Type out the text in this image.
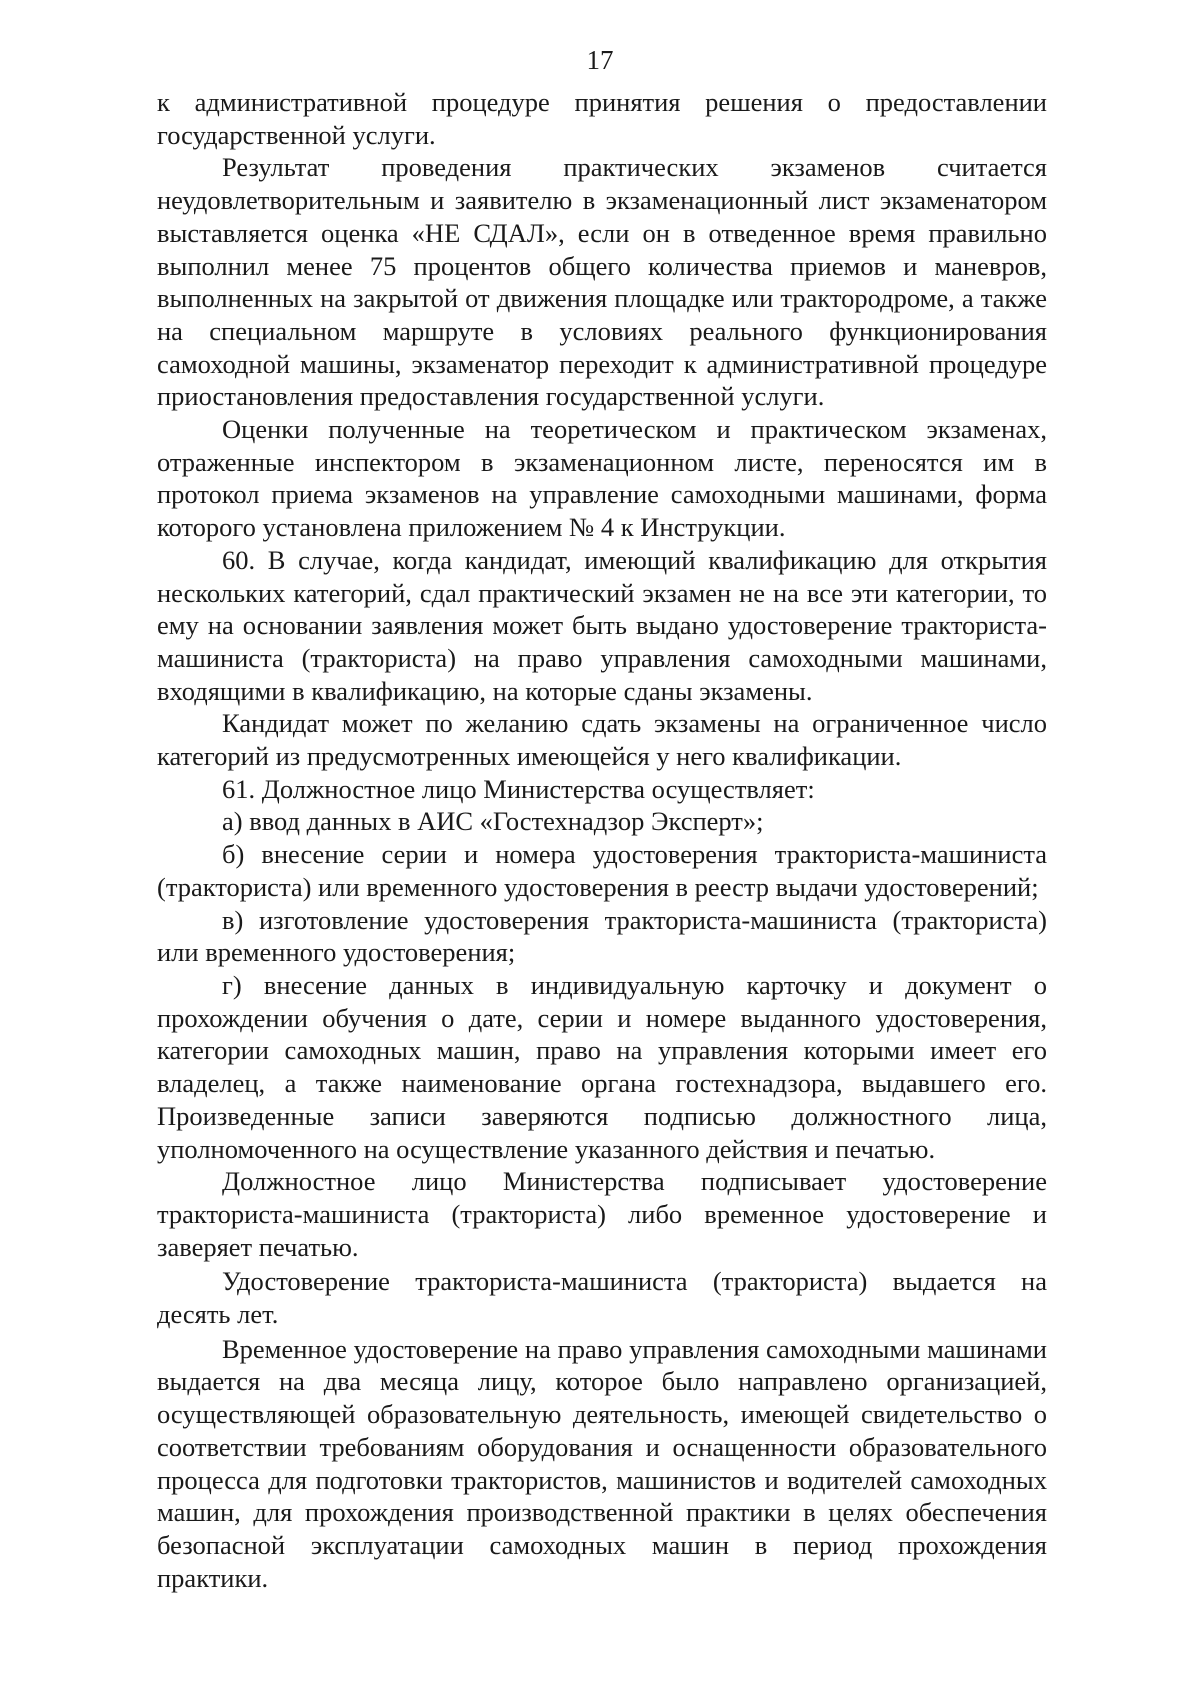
17

к административной процедуре принятия решения о предоставлении государственной услуги.

Результат проведения практических экзаменов считается неудовлетворительным и заявителю в экзаменационный лист экзаменатором выставляется оценка «НЕ СДАЛ», если он в отведенное время правильно выполнил менее 75 процентов общего количества приемов и маневров, выполненных на закрытой от движения площадке или трактородроме, а также на специальном маршруте в условиях реального функционирования самоходной машины, экзаменатор переходит к административной процедуре приостановления предоставления государственной услуги.

Оценки полученные на теоретическом и практическом экзаменах, отраженные инспектором в экзаменационном листе, переносятся им в протокол приема экзаменов на управление самоходными машинами, форма которого установлена приложением № 4 к Инструкции.

60. В случае, когда кандидат, имеющий квалификацию для открытия нескольких категорий, сдал практический экзамен не на все эти категории, то ему на основании заявления может быть выдано удостоверение тракториста-машиниста (тракториста) на право управления самоходными машинами, входящими в квалификацию, на которые сданы экзамены.

Кандидат может по желанию сдать экзамены на ограниченное число категорий из предусмотренных имеющейся у него квалификации.

61. Должностное лицо Министерства осуществляет:

а) ввод данных в АИС «Гостехнадзор Эксперт»;

б) внесение серии и номера удостоверения тракториста-машиниста (тракториста) или временного удостоверения в реестр выдачи удостоверений;

в) изготовление удостоверения тракториста-машиниста (тракториста) или временного удостоверения;

г) внесение данных в индивидуальную карточку и документ о прохождении обучения о дате, серии и номере выданного удостоверения, категории самоходных машин, право на управления которыми имеет его владелец, а также наименование органа гостехнадзора, выдавшего его. Произведенные записи заверяются подписью должностного лица, уполномоченного на осуществление указанного действия и печатью.

Должностное лицо Министерства подписывает удостоверение тракториста-машиниста (тракториста) либо временное удостоверение и заверяет печатью.

Удостоверение тракториста-машиниста (тракториста) выдается на десять лет.

Временное удостоверение на право управления самоходными машинами выдается на два месяца лицу, которое было направлено организацией, осуществляющей образовательную деятельность, имеющей свидетельство о соответствии требованиям оборудования и оснащенности образовательного процесса для подготовки трактористов, машинистов и водителей самоходных машин, для прохождения производственной практики в целях обеспечения безопасной эксплуатации самоходных машин в период прохождения практики.
